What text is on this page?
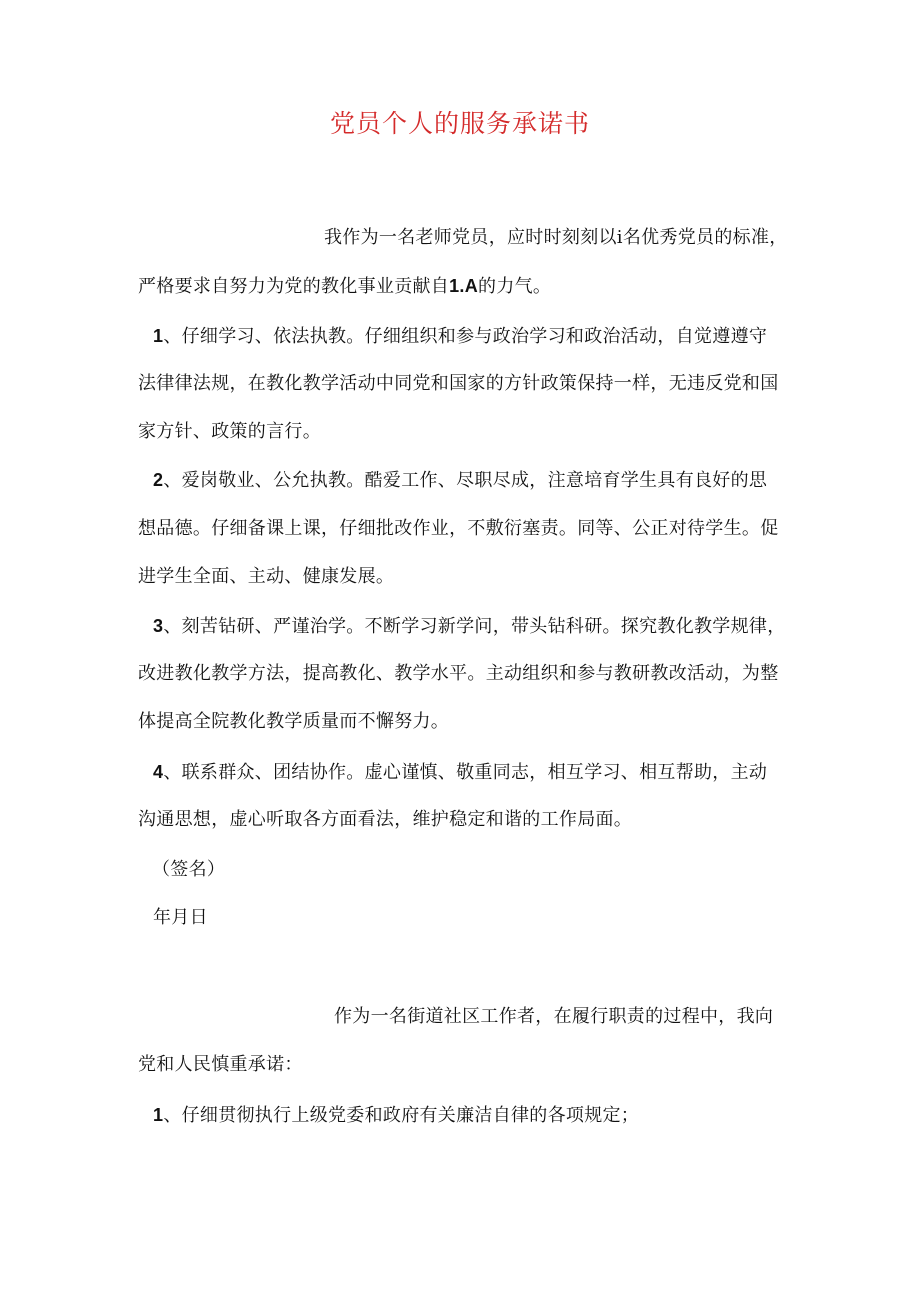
党员个人的服务承诺书
我作为一名老师党员，应时时刻刻以i名优秀党员的标准，
严格要求自努力为党的教化事业贡献自1.A的力气。
1、仔细学习、依法执教。仔细组织和参与政治学习和政治活动，自觉遵遵守
法律律法规，在教化教学活动中同党和国家的方针政策保持一样，无违反党和国
家方针、政策的言行。
2、爱岗敬业、公允执教。酷爱工作、尽职尽成，注意培育学生具有良好的思
想品德。仔细备课上课，仔细批改作业，不敷衍塞责。同等、公正对待学生。促
进学生全面、主动、健康发展。
3、刻苦钻研、严谨治学。不断学习新学问，带头钻科研。探究教化教学规律，
改进教化教学方法，提高教化、教学水平。主动组织和参与教研教改活动，为整
体提高全院教化教学质量而不懈努力。
4、联系群众、团结协作。虚心谨慎、敬重同志，相互学习、相互帮助，主动
沟通思想，虚心听取各方面看法，维护稳定和谐的工作局面。
（签名）
年月日
作为一名街道社区工作者，在履行职责的过程中，我向
党和人民慎重承诺：
1、仔细贯彻执行上级党委和政府有关廉洁自律的各项规定；
